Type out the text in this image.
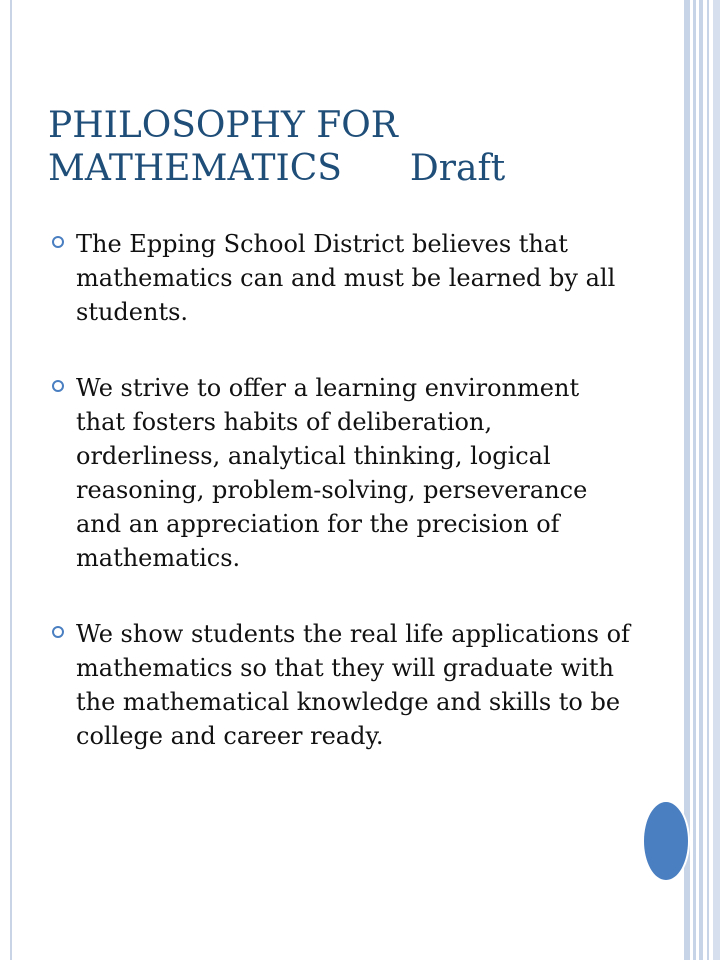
PHILOSOPHY FOR
MATHEMATICS Draft
The Epping School District believes that mathematics can and must be learned by all students.
We strive to offer a learning environment that fosters habits of deliberation, orderliness, analytical thinking, logical reasoning, problem-solving, perseverance and an appreciation for the precision of mathematics.
We show students the real life applications of mathematics so that they will graduate with the mathematical knowledge and skills to be college and career ready.
